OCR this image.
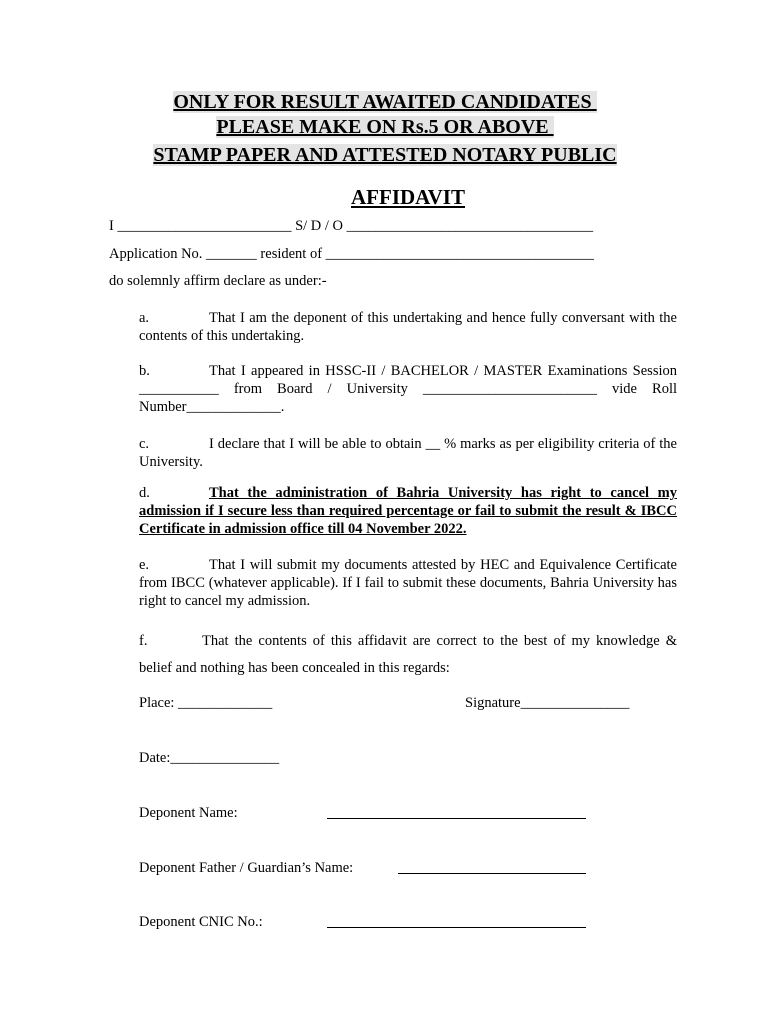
ONLY FOR RESULT AWAITED CANDIDATES
PLEASE MAKE ON Rs.5 OR ABOVE
STAMP PAPER AND ATTESTED NOTARY PUBLIC
AFFIDAVIT
I ________________________ S/ D / O __________________________________
Application No. _______ resident of _____________________________________
do solemnly affirm declare as under:-
a.	That I am the deponent of this undertaking and hence fully conversant with the contents of this undertaking.
b.	That I appeared in HSSC-II / BACHELOR / MASTER Examinations Session ___________ from Board / University ________________________ vide Roll Number_____________.
c.	I declare that I will be able to obtain __ % marks as per eligibility criteria of the University.
d.	That the administration of Bahria University has right to cancel my admission if I secure less than required percentage or fail to submit the result & IBCC Certificate in admission office till 04 November 2022.
e.	That I will submit my documents attested by HEC and Equivalence Certificate from IBCC (whatever applicable). If I fail to submit these documents, Bahria University has right to cancel my admission.
f.	That the contents of this affidavit are correct to the best of my knowledge & belief and nothing has been concealed in this regards:
Place: _____________	Signature_______________
Date:_______________
Deponent Name:
Deponent Father / Guardian’s Name:
Deponent CNIC No.:
